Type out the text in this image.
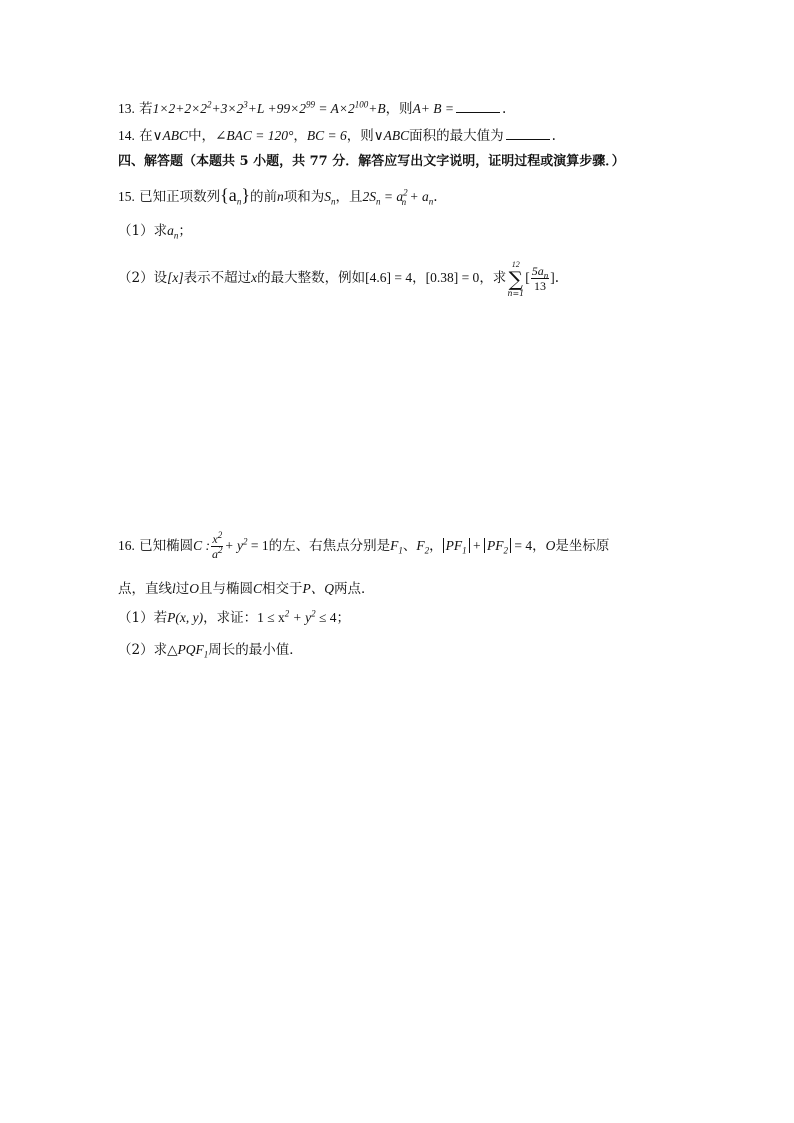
13. 若$1\times 2+2\times 2^2+3\times 2^3+L +99\times 2^{99} = A\times 2^{100}+B$，则A+ B =	.
14. 在∨ABC中，∠BAC = 120°，BC = 6，则∨ABC面积的最大值为	.
四、解答题（本题共 5 小题，共 77 分．解答应写出文字说明，证明过程或演算步骤．）
15. 已知正项数列$\{a_n\}$的前n项和为$S_n$，且$2S_n = a^2_n + a_n$.
（1）求$a_n$；
（2）设[x]表示不超过x的最大整数，例如[4.6] = 4，[0.38] = 0，求
12
∑
n=1
[ $\frac{5a_n}{13}$ ].
16. 已知椭圆C : $\frac{x^2}{a^2} + y^2 = 1$的左、右焦点分别是$F_1$、$F_2$， $PF_1 + PF_2 = 4$，O是坐标原
点，直线l过O且与椭圆C相交于P、Q两点．
（1）若P(x, y)，求证：$1 \le x^2 + y^2 \le 4$；
（2）求$\triangle PQF_1$周长的最小值．
